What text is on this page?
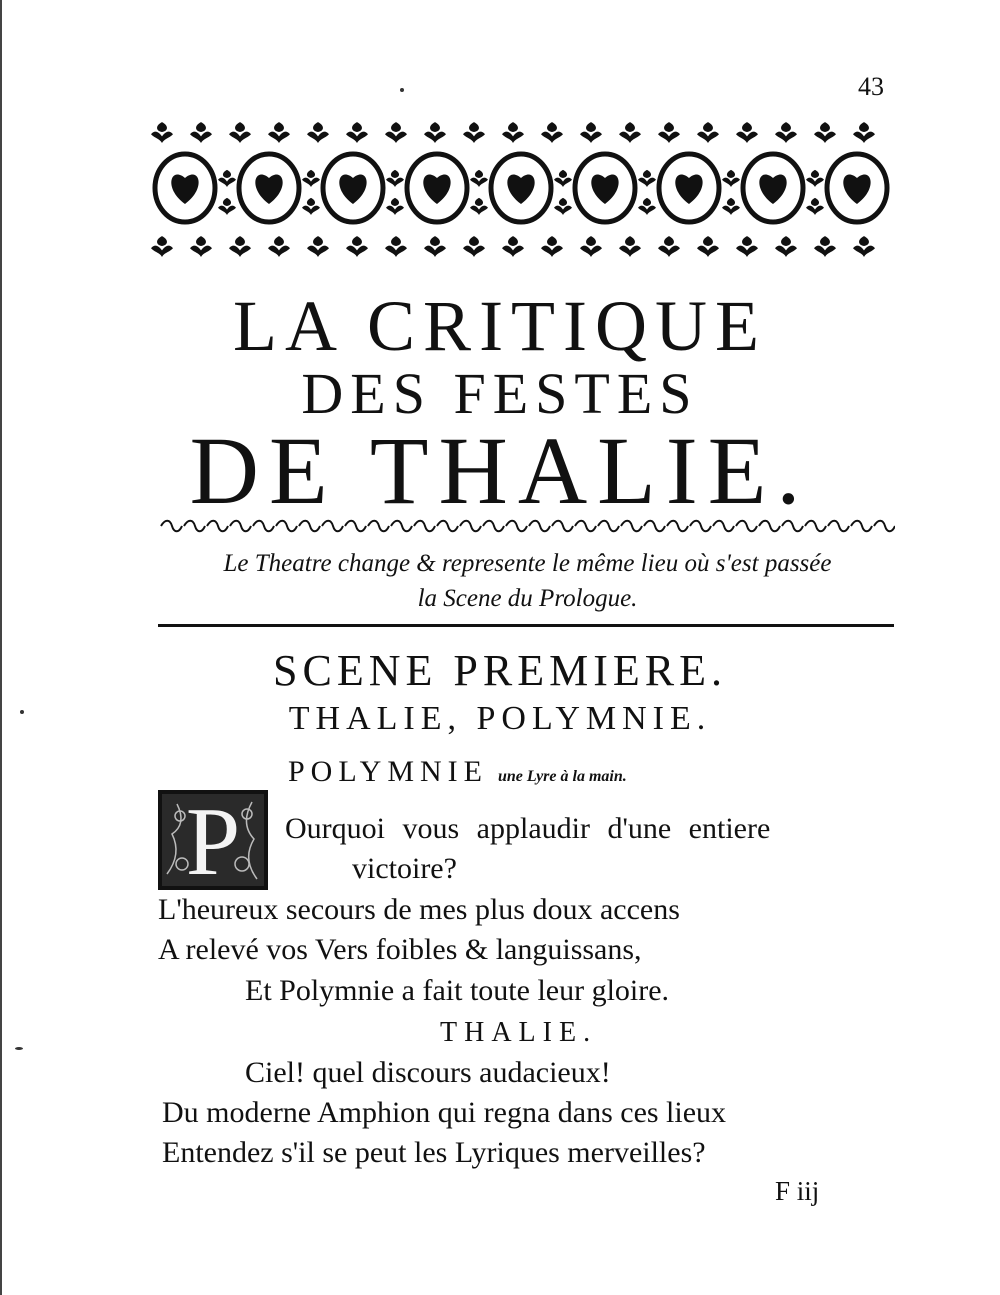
43
LA CRITIQUE
DES FESTES
DE THALIE.
Le Theatre change & represente le même lieu où s'est passée
la Scene du Prologue.
SCENE PREMIERE.
THALIE, POLYMNIE.
POLYMNIE une Lyre à la main.
P	Ourquoi vous applaudir d'une entiere
victoire?
L'heureux secours de mes plus doux accens
A relevé vos Vers foibles & languissans,
Et Polymnie a fait toute leur gloire.
THALIE.
Ciel! quel discours audacieux!
Du moderne Amphion qui regna dans ces lieux
Entendez s'il se peut les Lyriques merveilles?
F iij
